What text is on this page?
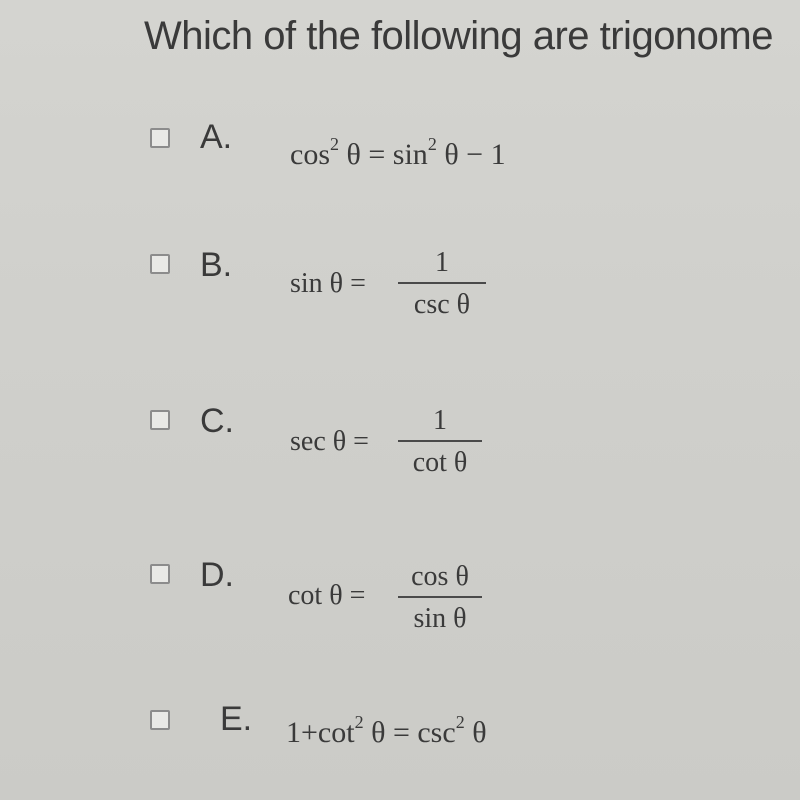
Which of the following are trigonome
A. $\cos^2 \theta = \sin^2 \theta - 1$
B. sin θ =
1
csc θ
C.
sec θ =
1
cot θ
D.
cot θ =
cos θ
sin θ
E. $1+\cot^2$ $\theta = \csc^2 \theta$
